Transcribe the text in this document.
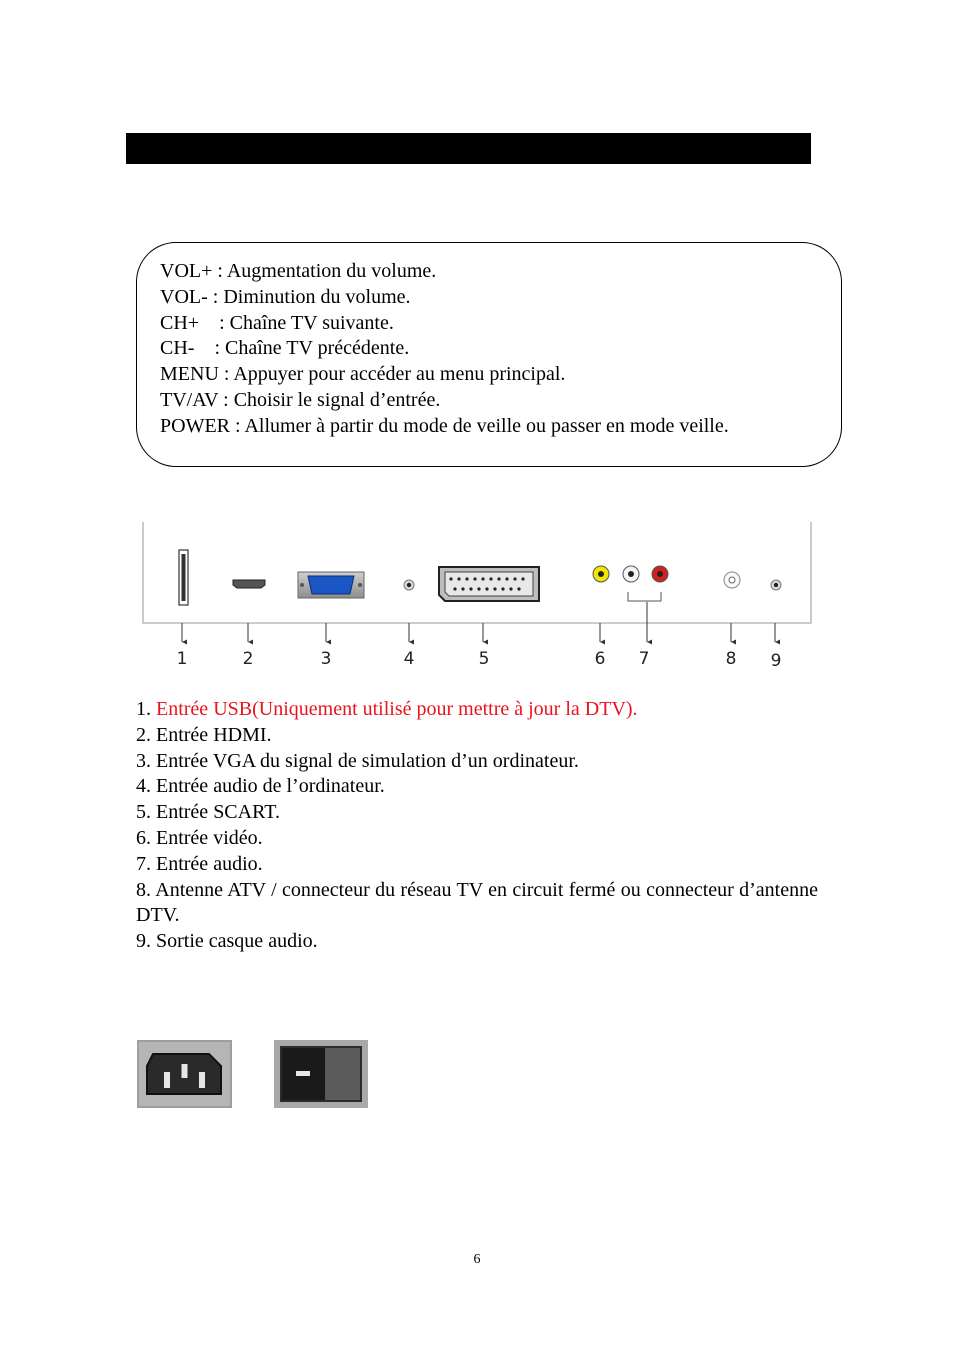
VOL+ : Augmentation du volume.
VOL- : Diminution du volume.
CH+    : Chaîne TV suivante.
CH-    : Chaîne TV précédente.
MENU : Appuyer pour accéder au menu principal.
TV/AV : Choisir le signal d’entrée.
POWER : Allumer à partir du mode de veille ou passer en mode veille.
1	2	3	4	5	6 7	8 9
1. Entrée USB(Uniquement utilisé pour mettre à jour la DTV).
2. Entrée HDMI.
3. Entrée VGA du signal de simulation d’un ordinateur.
4. Entrée audio de l’ordinateur.
5. Entrée SCART.
6. Entrée vidéo.
7. Entrée audio.
8. Antenne ATV / connecteur du réseau TV en circuit fermé ou connecteur d’antenne DTV.
9. Sortie casque audio.
6
